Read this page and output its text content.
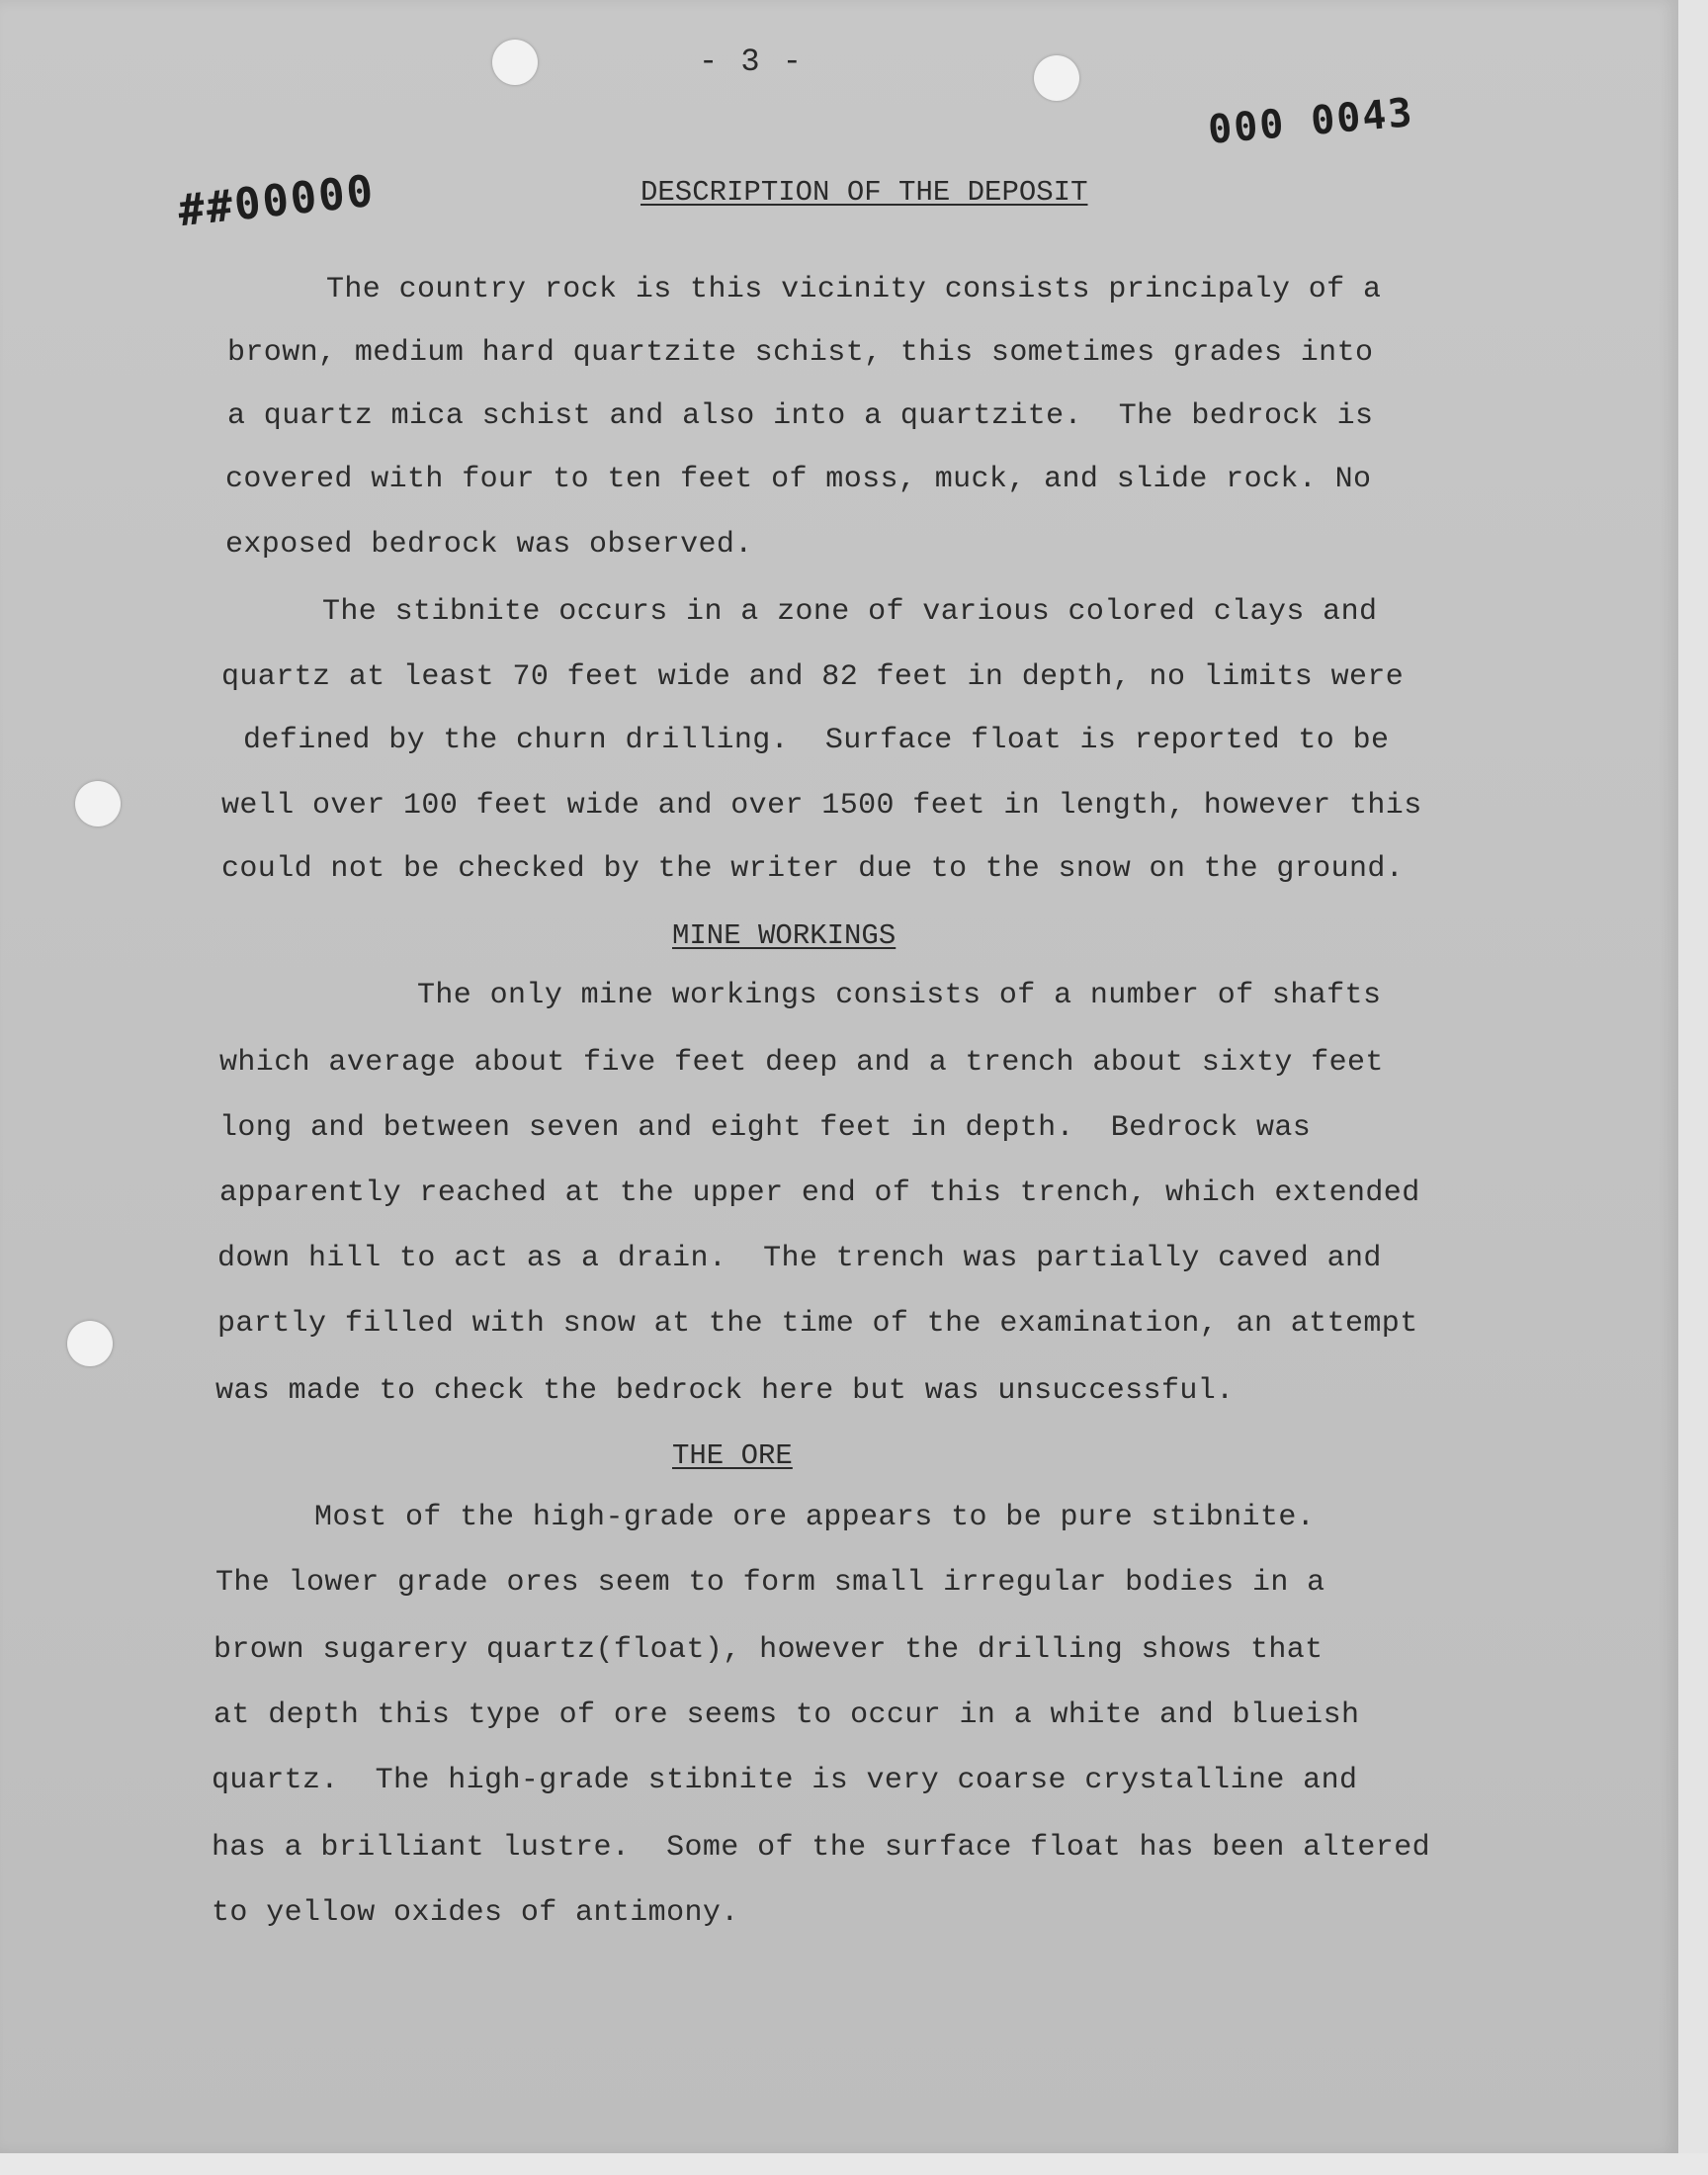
- 3 -
##00000
000 0043
DESCRIPTION OF THE DEPOSIT
The country rock is this vicinity consists principaly of a
brown, medium hard quartzite schist, this sometimes grades into
a quartz mica schist and also into a quartzite.  The bedrock is
covered with four to ten feet of moss, muck, and slide rock. No
exposed bedrock was observed.
The stibnite occurs in a zone of various colored clays and
quartz at least 70 feet wide and 82 feet in depth, no limits were
defined by the churn drilling.  Surface float is reported to be
well over 100 feet wide and over 1500 feet in length, however this
could not be checked by the writer due to the snow on the ground.
MINE WORKINGS
The only mine workings consists of a number of shafts
which average about five feet deep and a trench about sixty feet
long and between seven and eight feet in depth.  Bedrock was
apparently reached at the upper end of this trench, which extended
down hill to act as a drain.  The trench was partially caved and
partly filled with snow at the time of the examination, an attempt
was made to check the bedrock here but was unsuccessful.
THE ORE
Most of the high-grade ore appears to be pure stibnite.
The lower grade ores seem to form small irregular bodies in a
brown sugarery quartz(float), however the drilling shows that
at depth this type of ore seems to occur in a white and blueish
quartz.  The high-grade stibnite is very coarse crystalline and
has a brilliant lustre.  Some of the surface float has been altered
to yellow oxides of antimony.
